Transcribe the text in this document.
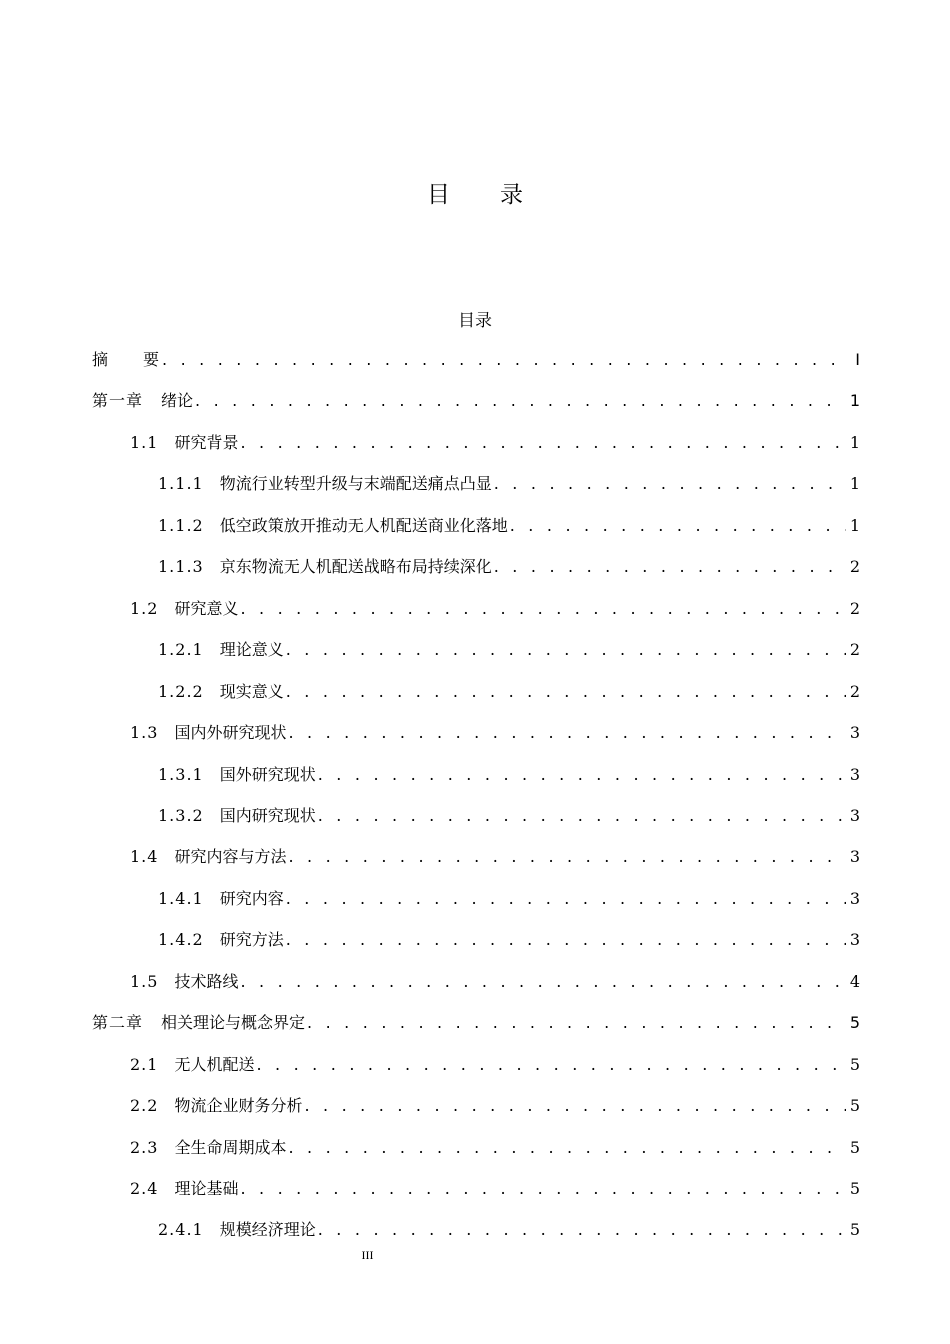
目 录
目录
摘　　要 . . .	I
第一章 绪论 . . .	1
1.1 研究背景 . . .	1
1.1.1 物流行业转型升级与末端配送痛点凸显 . . .	1
1.1.2 低空政策放开推动无人机配送商业化落地 . . .	1
1.1.3 京东物流无人机配送战略布局持续深化 . . .	2
1.2 研究意义 . . .	2
1.2.1 理论意义 . . .	2
1.2.2 现实意义 . . .	2
1.3 国内外研究现状 . . .	3
1.3.1 国外研究现状 . . .	3
1.3.2 国内研究现状 . . .	3
1.4 研究内容与方法 . . .	3
1.4.1 研究内容 . . .	3
1.4.2 研究方法 . . .	3
1.5 技术路线 . . .	4
第二章 相关理论与概念界定 . . .	5
2.1 无人机配送 . . .	5
2.2 物流企业财务分析 . . .	5
2.3 全生命周期成本 . . .	5
2.4 理论基础 . . .	5
2.4.1 规模经济理论 . . .	5
III
